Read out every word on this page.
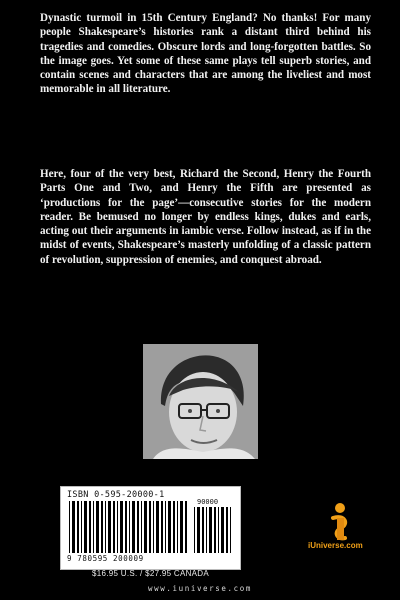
Dynastic turmoil in 15th Century England? No thanks! For many people Shakespeare’s histories rank a distant third behind his tragedies and comedies. Obscure lords and long-forgotten battles. So the image goes. Yet some of these same plays tell superb stories, and contain scenes and characters that are among the liveliest and most memorable in all literature.

Here, four of the very best, Richard the Second, Henry the Fourth Parts One and Two, and Henry the Fifth are presented as ‘productions for the page’—consecutive stories for the modern reader. Be bemused no longer by endless kings, dukes and earls, acting out their arguments in iambic verse. Follow instead, as if in the midst of events, Shakespeare’s masterly unfolding of a classic pattern of revolution, suppression of enemies, and conquest abroad.

ISBN 0-595-20000-1
90000
9 780595 200009
$16.95 U.S. / $27.95 CANADA
www.iuniverse.com
iUniverse.com
